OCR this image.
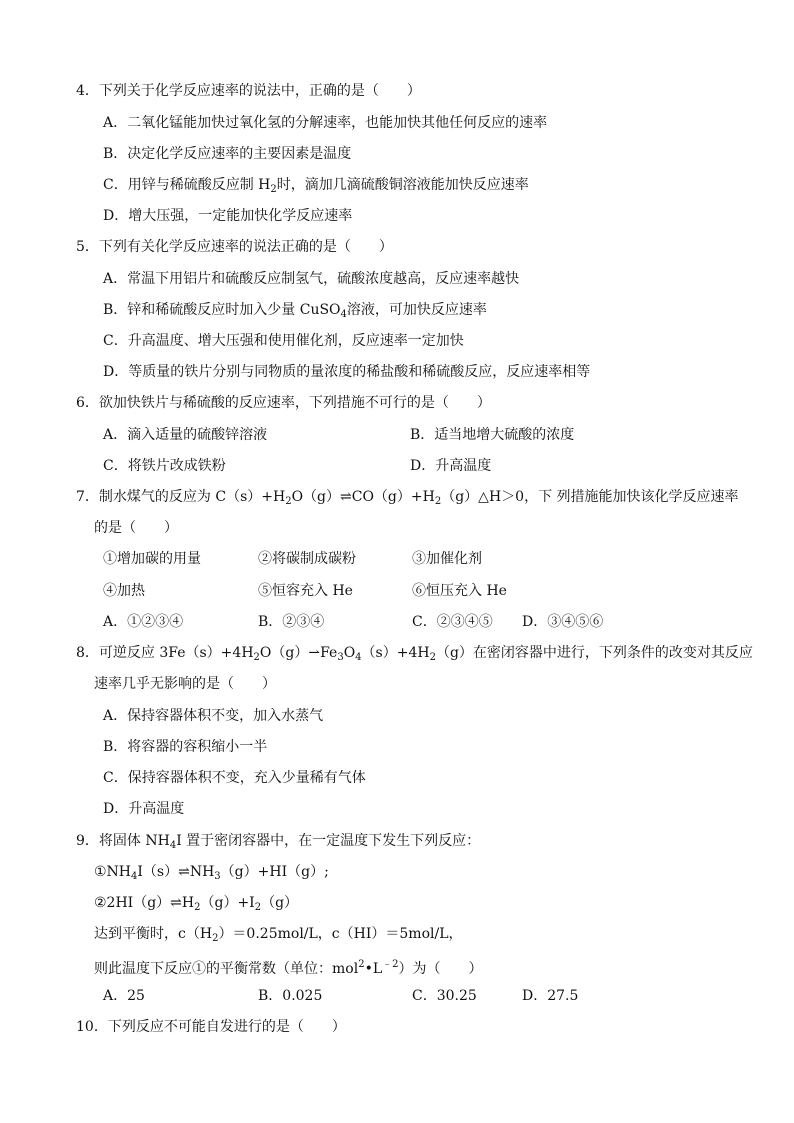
4．下列关于化学反应速率的说法中，正确的是（　　）
A．二氧化锰能加快过氧化氢的分解速率，也能加快其他任何反应的速率
B．决定化学反应速率的主要因素是温度
C．用锌与稀硫酸反应制 $H_2$时，滴加几滴硫酸铜溶液能加快反应速率
D．增大压强，一定能加快化学反应速率
5．下列有关化学反应速率的说法正确的是（　　）
A．常温下用铝片和硫酸反应制氢气，硫酸浓度越高，反应速率越快
B．锌和稀硫酸反应时加入少量 CuSO$_4$溶液，可加快反应速率
C．升高温度、增大压强和使用催化剂，反应速率一定加快
D．等质量的铁片分别与同物质的量浓度的稀盐酸和稀硫酸反应，反应速率相等
6．欲加快铁片与稀硫酸的反应速率，下列措施不可行的是（　　）
A．滴入适量的硫酸锌溶液	B．适当地增大硫酸的浓度
C．将铁片改成铁粉	D．升高温度
7．制水煤气的反应为 $C(s)+H_2O(g)\rightleftharpoons CO(g)+H_2(g)\triangle H>0$，下 列措施能加快该化学反应速率
的是（　　）
①增加碳的用量	②将碳制成碳粉	③加催化剂
④加热	⑤恒容充入 He	⑥恒压充入 He
A．①②③④	B．②③④	C．②③④⑤ D．③④⑤⑥
8．可逆反应 $3Fe(s)+4H_2O(g)⇀Fe_3O_4(s)+4H_2(g)$在密闭容器中进行，下列条件的改变对其反应
速率几乎无影响的是（　　）
A．保持容器体积不变，加入水蒸气
B．将容器的容积缩小一半
C．保持容器体积不变，充入少量稀有气体
D．升高温度
9．将固体 $NH_4I$ 置于密闭容器中，在一定温度下发生下列反应：
$①NH_4I(s)\rightleftharpoons NH_3(g)+HI(g)$;
$②2HI(g)\rightleftharpoons H_2(g)+I_2(g)$
达到平衡时，$c(H_2)=0.25mol/L$，c（HI）＝5mol/L，
则此温度下反应①的平衡常数（单位：$mol^2•L^{﹣2}$）为（　　）
A．25	B．0.025	C．30.25	D．27.5
10．下列反应不可能自发进行的是（　　）
